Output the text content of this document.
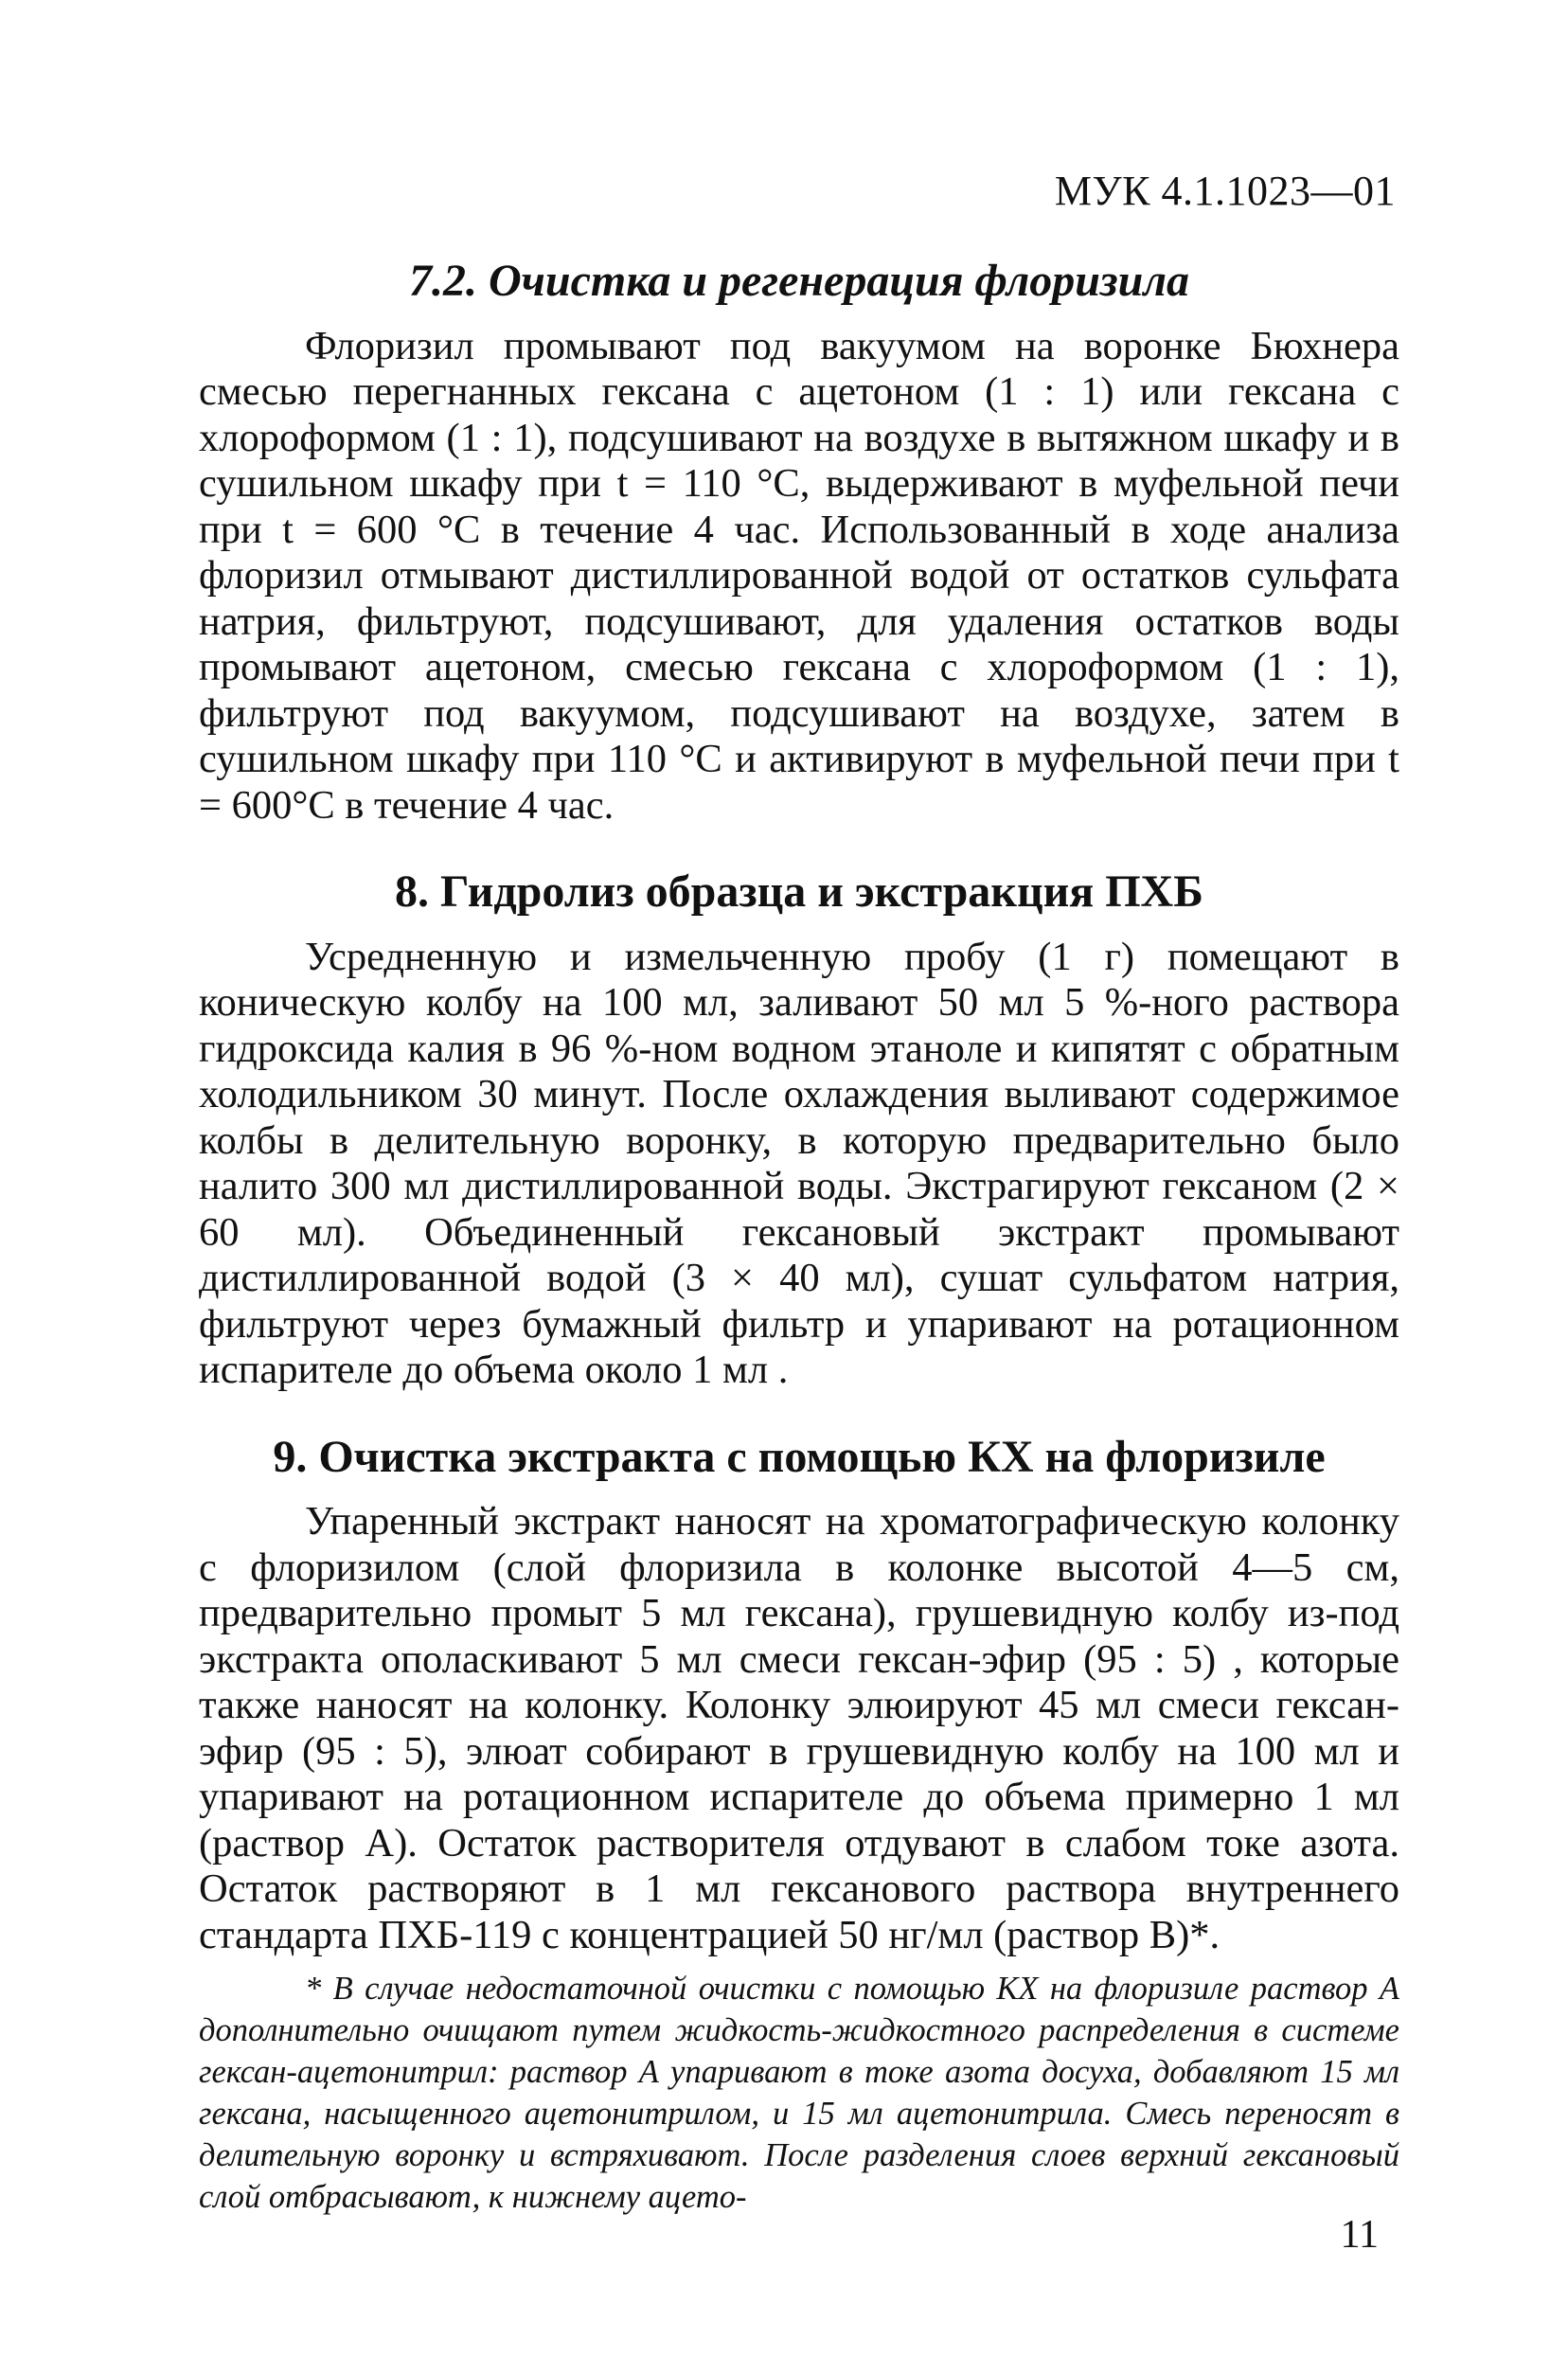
МУК 4.1.1023—01
7.2. Очистка и регенерация флоризила

Флоризил промывают под вакуумом на воронке Бюхнера смесью перегнанных гексана с ацетоном (1 : 1) или гексана с хлороформом (1 : 1), подсушивают на воздухе в вытяжном шкафу и в сушильном шкафу при t = 110 °С, выдерживают в муфельной печи при t = 600 °С в течение 4 час. Использованный в ходе анализа флоризил отмывают дистиллированной водой от остатков сульфата натрия, фильтруют, подсушивают, для удаления остатков воды промывают ацетоном, смесью гексана с хлороформом (1 : 1), фильтруют под вакуумом, подсушивают на воздухе, затем в сушильном шкафу при 110 °С и активируют в муфельной печи при t = 600°С в течение 4 час.

8. Гидролиз образца и экстракция ПХБ

Усредненную и измельченную пробу (1 г) помещают в коническую колбу на 100 мл, заливают 50 мл 5 %-ного раствора гидроксида калия в 96 %-ном водном этаноле и кипятят с обратным холодильником 30 минут. После охлаждения выливают содержимое колбы в делительную воронку, в которую предварительно было налито 300 мл дистиллированной воды. Экстрагируют гексаном (2 × 60 мл). Объединенный гексановый экстракт промывают дистиллированной водой (3 × 40 мл), сушат сульфатом натрия, фильтруют через бумажный фильтр и упаривают на ротационном испарителе до объема около 1 мл .

9. Очистка экстракта с помощью КХ на флоризиле

Упаренный экстракт наносят на хроматографическую колонку с флоризилом (слой флоризила в колонке высотой 4—5 см, предварительно промыт 5 мл гексана), грушевидную колбу из-под экстракта ополаскивают 5 мл смеси гексан-эфир (95 : 5) , которые также наносят на колонку. Колонку элюируют 45 мл смеси гексан-эфир (95 : 5), элюат собирают в грушевидную колбу на 100 мл и упаривают на ротационном испарителе до объема примерно 1 мл (раствор А). Остаток растворителя отдувают в слабом токе азота. Остаток растворяют в 1 мл гексанового раствора внутреннего стандарта ПХБ-119 с концентрацией 50 нг/мл (раствор В)*.

* В случае недостаточной очистки с помощью КХ на флоризиле раствор А дополнительно очищают путем жидкость-жидкостного распределения в системе гексан-ацетонитрил: раствор А упаривают в токе азота досуха, добавляют 15 мл гексана, насыщенного ацетонитрилом, и 15 мл ацетонитрила. Смесь переносят в делительную воронку и встряхивают. После разделения слоев верхний гексановый слой отбрасывают, к нижнему ацето-
11
